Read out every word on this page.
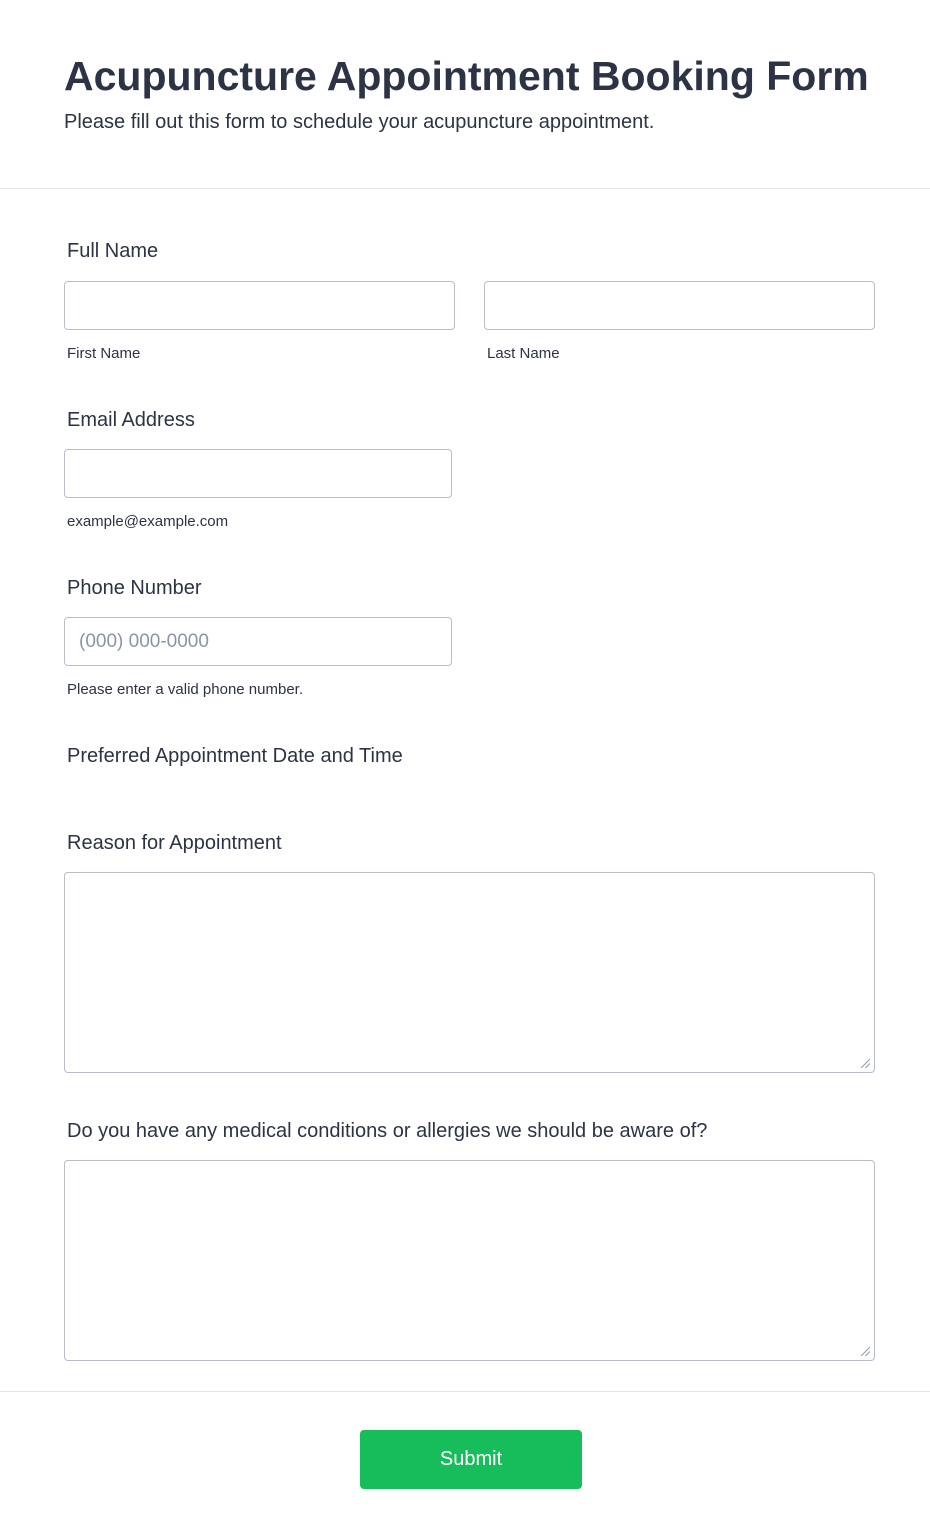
Acupuncture Appointment Booking Form

Please fill out this form to schedule your acupuncture appointment.

Full Name
First Name	Last Name
Email Address
example@example.com
Phone Number
(000) 000-0000
Please enter a valid phone number.
Preferred Appointment Date and Time
Reason for Appointment
Do you have any medical conditions or allergies we should be aware of?
Submit
